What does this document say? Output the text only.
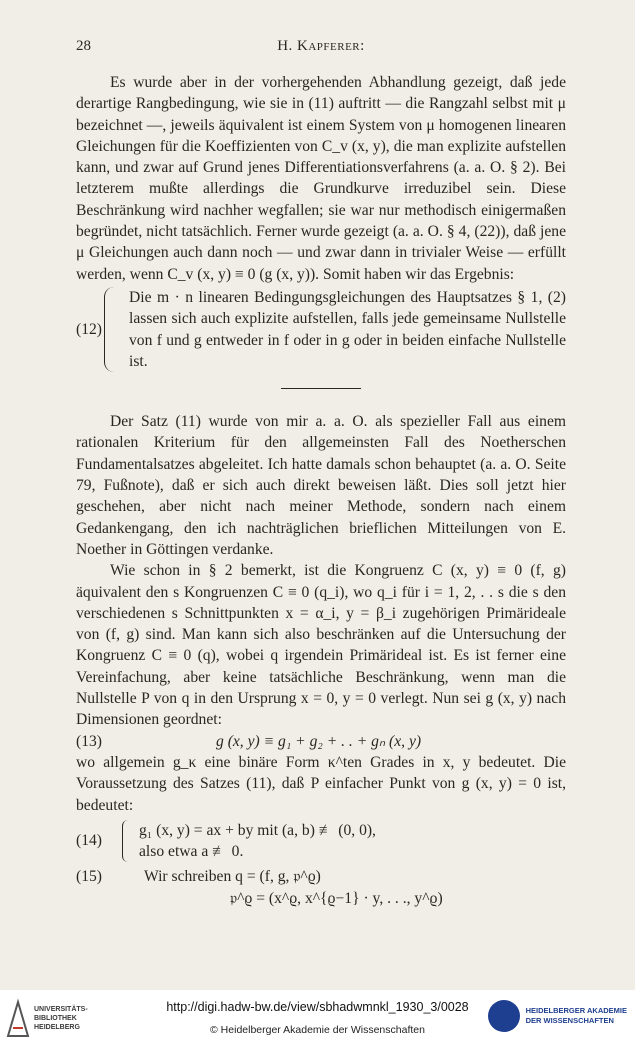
28	H. Kapferer:

Es wurde aber in der vorhergehenden Abhandlung gezeigt, daß jede derartige Rangbedingung, wie sie in (11) auftritt — die Rangzahl selbst mit μ bezeichnet —, jeweils äquivalent ist einem System von μ homogenen linearen Gleichungen für die Koeffizienten von C_v (x, y), die man explizite aufstellen kann, und zwar auf Grund jenes Differentiationsverfahrens (a. a. O. § 2). Bei letzterem mußte allerdings die Grundkurve irreduzibel sein. Diese Beschränkung wird nachher wegfallen; sie war nur methodisch einigermaßen begründet, nicht tatsächlich. Ferner wurde gezeigt (a. a. O. § 4, (22)), daß jene μ Gleichungen auch dann noch — und zwar dann in trivialer Weise — erfüllt werden, wenn C_v (x, y) ≡ 0 (g (x, y)). Somit haben wir das Ergebnis:

(12)
Die m · n linearen Bedingungsgleichungen des Hauptsatzes § 1, (2) lassen sich auch explizite aufstellen, falls jede gemeinsame Nullstelle von f und g entweder in f oder in g oder in beiden einfache Nullstelle ist.

Der Satz (11) wurde von mir a. a. O. als spezieller Fall aus einem rationalen Kriterium für den allgemeinsten Fall des Noetherschen Fundamentalsatzes abgeleitet. Ich hatte damals schon behauptet (a. a. O. Seite 79, Fußnote), daß er sich auch direkt beweisen läßt. Dies soll jetzt hier geschehen, aber nicht nach meiner Methode, sondern nach einem Gedankengang, den ich nachträglichen brieflichen Mitteilungen von E. Noether in Göttingen verdanke.

Wie schon in § 2 bemerkt, ist die Kongruenz C (x, y) ≡ 0 (f, g) äquivalent den s Kongruenzen C ≡ 0 (q_i), wo q_i für i = 1, 2, . . s die s den verschiedenen s Schnittpunkten x = α_i, y = β_i zugehörigen Primärideale von (f, g) sind. Man kann sich also beschränken auf die Untersuchung der Kongruenz C ≡ 0 (q), wobei q irgendein Primärideal ist. Es ist ferner eine Vereinfachung, aber keine tatsächliche Beschränkung, wenn man die Nullstelle P von q in den Ursprung x = 0, y = 0 verlegt. Nun sei g (x, y) nach Dimensionen geordnet:

(13)	g (x, y) ≡ g₁ + g₂ + . . + gₙ (x, y)

wo allgemein g_κ eine binäre Form κ^ten Grades in x, y bedeutet. Die Voraussetzung des Satzes (11), daß P einfacher Punkt von g (x, y) = 0 ist, bedeutet:

(14)
g₁ (x, y) = ax + by mit (a, b) ≢ (0, 0),
also etwa a ≢ 0.
(15)	Wir schreiben q = (f, g, 𝔭^ϱ)
𝔭^ϱ = (x^ϱ, x^{ϱ−1} · y, . . ., y^ϱ)
UNIVERSITÄTS-
BIBLIOTHEK
HEIDELBERG
http://digi.hadw-bw.de/view/sbhadwmnkl_1930_3/0028
© Heidelberger Akademie der Wissenschaften
HEIDELBERGER AKADEMIE
DER WISSENSCHAFTEN
